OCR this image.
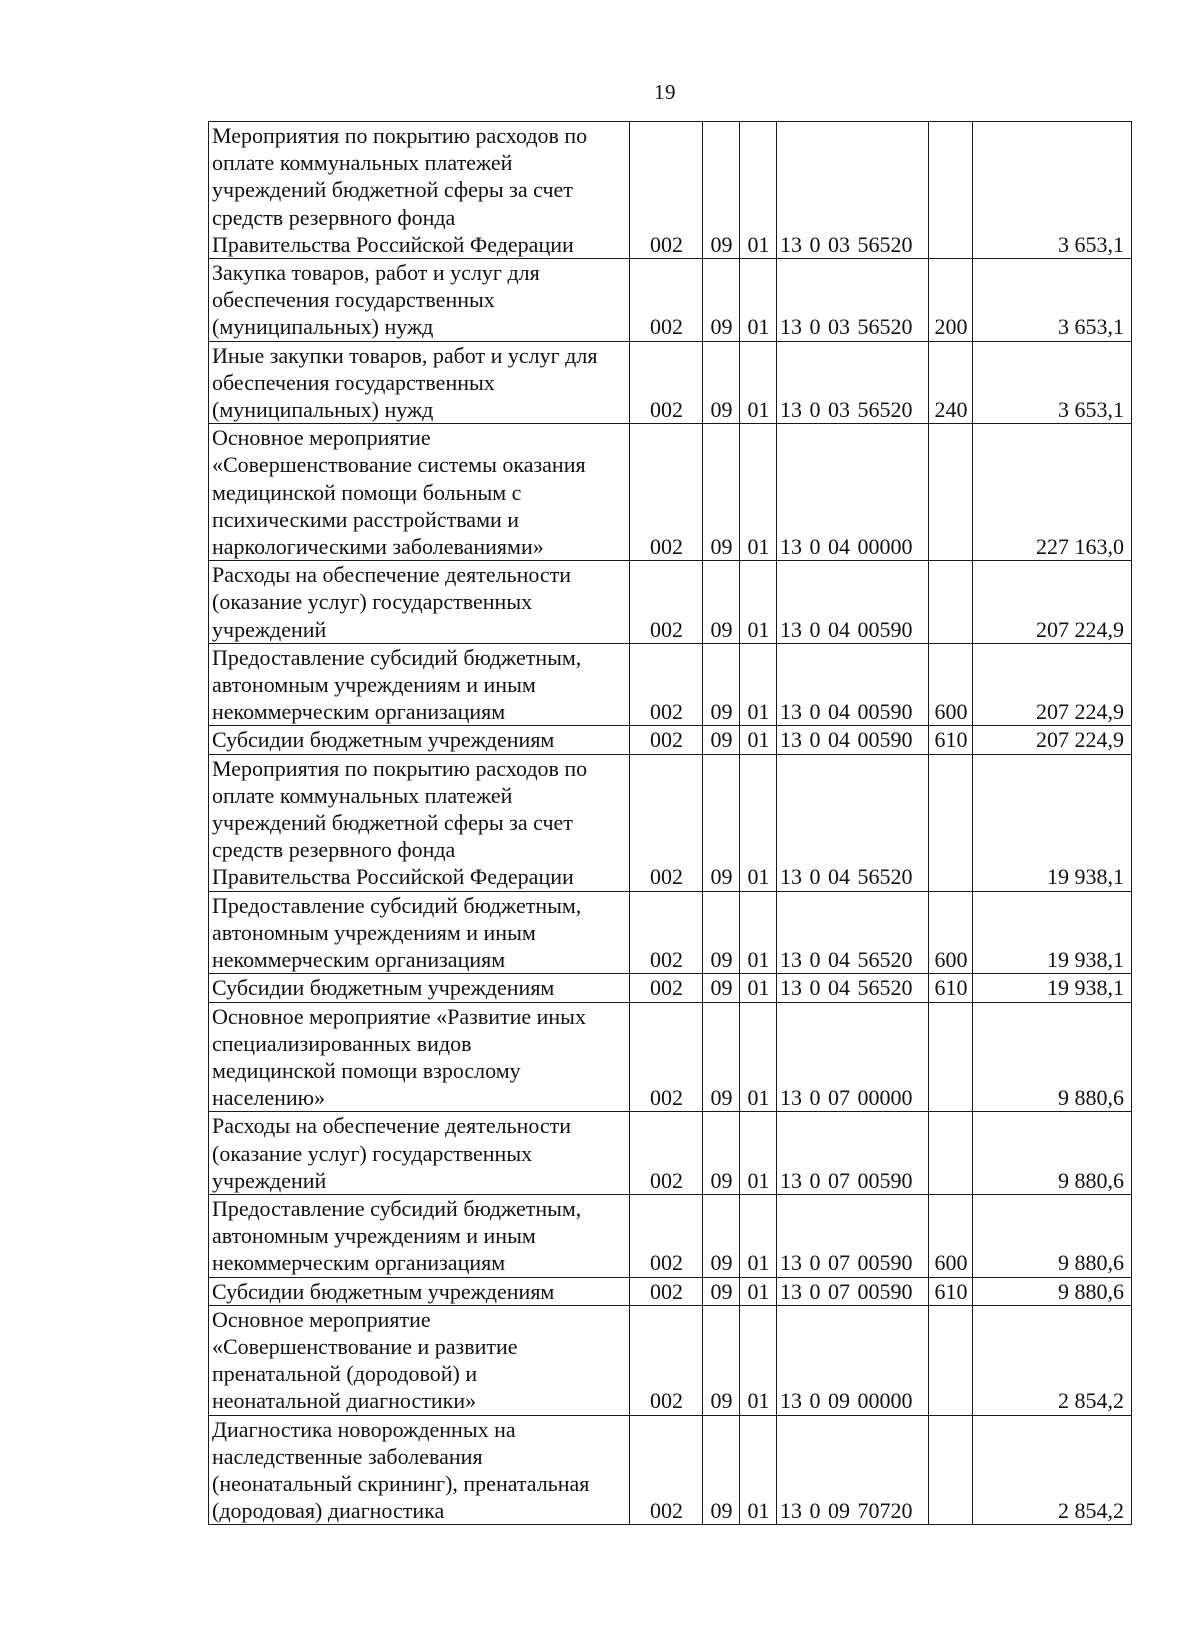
19
Мероприятия по покрытию расходов по
оплате коммунальных платежей
учреждений бюджетной сферы за счет
средств резервного фонда
Правительства Российской Федерации	002	09	01	13 0 03 56520		3 653,1

Закупка товаров, работ и услуг для
обеспечения государственных
(муниципальных) нужд	002	09	01	13 0 03 56520	200	3 653,1

Иные закупки товаров, работ и услуг для
обеспечения государственных
(муниципальных) нужд	002	09	01	13 0 03 56520	240	3 653,1

Основное мероприятие
«Совершенствование системы оказания
медицинской помощи больным с
психическими расстройствами и
наркологическими заболеваниями»	002	09	01	13 0 04 00000		227 163,0

Расходы на обеспечение деятельности
(оказание услуг) государственных
учреждений	002	09	01	13 0 04 00590		207 224,9

Предоставление субсидий бюджетным,
автономным учреждениям и иным
некоммерческим организациям	002	09	01	13 0 04 00590	600	207 224,9

Субсидии бюджетным учреждениям	002	09	01	13 0 04 00590	610	207 224,9

Мероприятия по покрытию расходов по
оплате коммунальных платежей
учреждений бюджетной сферы за счет
средств резервного фонда
Правительства Российской Федерации	002	09	01	13 0 04 56520		19 938,1

Предоставление субсидий бюджетным,
автономным учреждениям и иным
некоммерческим организациям	002	09	01	13 0 04 56520	600	19 938,1

Субсидии бюджетным учреждениям	002	09	01	13 0 04 56520	610	19 938,1

Основное мероприятие «Развитие иных
специализированных видов
медицинской помощи взрослому
населению»	002	09	01	13 0 07 00000		9 880,6

Расходы на обеспечение деятельности
(оказание услуг) государственных
учреждений	002	09	01	13 0 07 00590		9 880,6

Предоставление субсидий бюджетным,
автономным учреждениям и иным
некоммерческим организациям	002	09	01	13 0 07 00590	600	9 880,6

Субсидии бюджетным учреждениям	002	09	01	13 0 07 00590	610	9 880,6

Основное мероприятие
«Совершенствование и развитие
пренатальной (дородовой) и
неонатальной диагностики»	002	09	01	13 0 09 00000		2 854,2

Диагностика новорожденных на
наследственные заболевания
(неонатальный скрининг), пренатальная
(дородовая) диагностика	002	09	01	13 0 09 70720		2 854,2
